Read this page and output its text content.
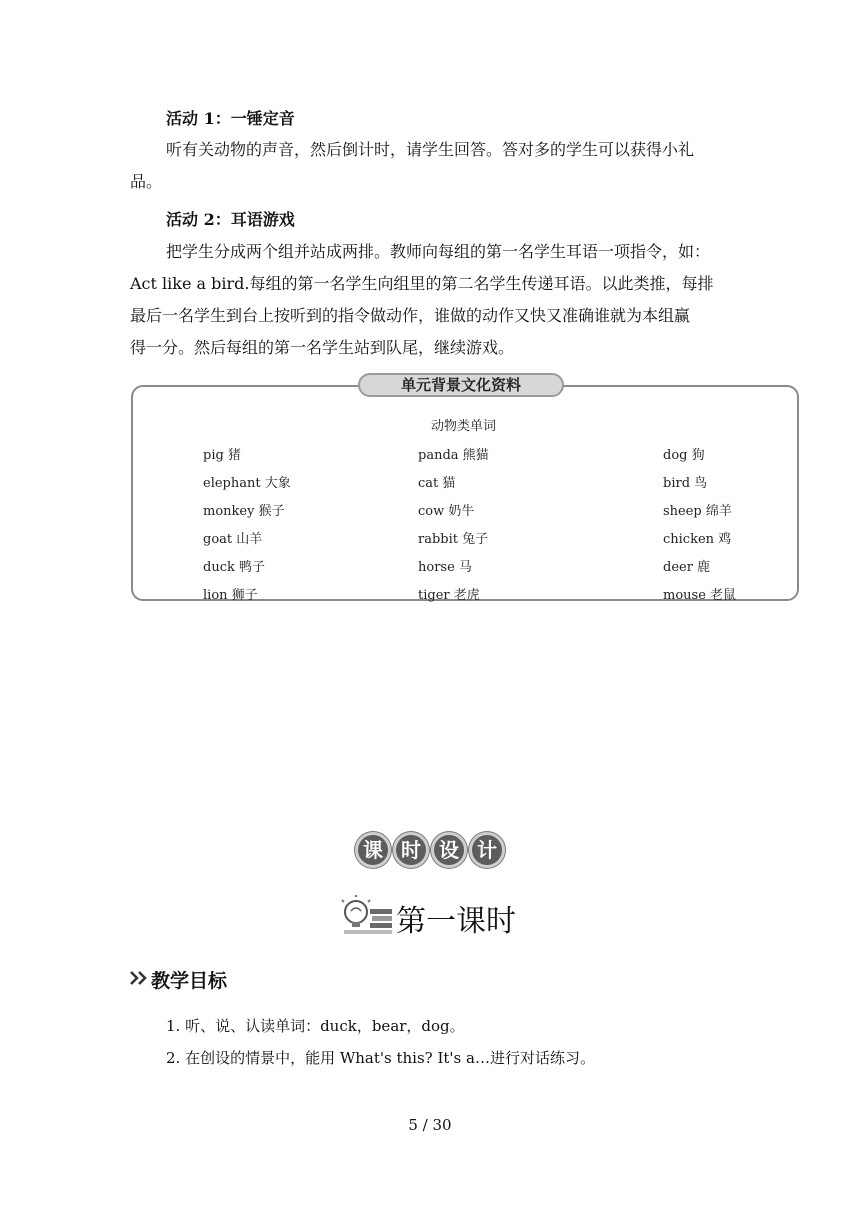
活动 1：一锤定音
听有关动物的声音，然后倒计时，请学生回答。答对多的学生可以获得小礼
品。
活动 2：耳语游戏
把学生分成两个组并站成两排。教师向每组的第一名学生耳语一项指令，如：
Act like a bird.每组的第一名学生向组里的第二名学生传递耳语。以此类推，每排
最后一名学生到台上按听到的指令做动作，谁做的动作又快又准确谁就为本组赢
得一分。然后每组的第一名学生站到队尾，继续游戏。
单元背景文化资料
动物类单词
pig 猪
elephant 大象
monkey 猴子
goat 山羊
duck 鸭子
lion 狮子
panda 熊猫
cat 猫
cow 奶牛
rabbit 兔子
horse 马
tiger 老虎
dog 狗
bird 鸟
sheep 绵羊
chicken 鸡
deer 鹿
mouse 老鼠
课 时 设 计
第一课时
教学目标
1. 听、说、认读单词：duck，bear，dog。
2. 在创设的情景中，能用 What's this? It's a…进行对话练习。
5 / 30
